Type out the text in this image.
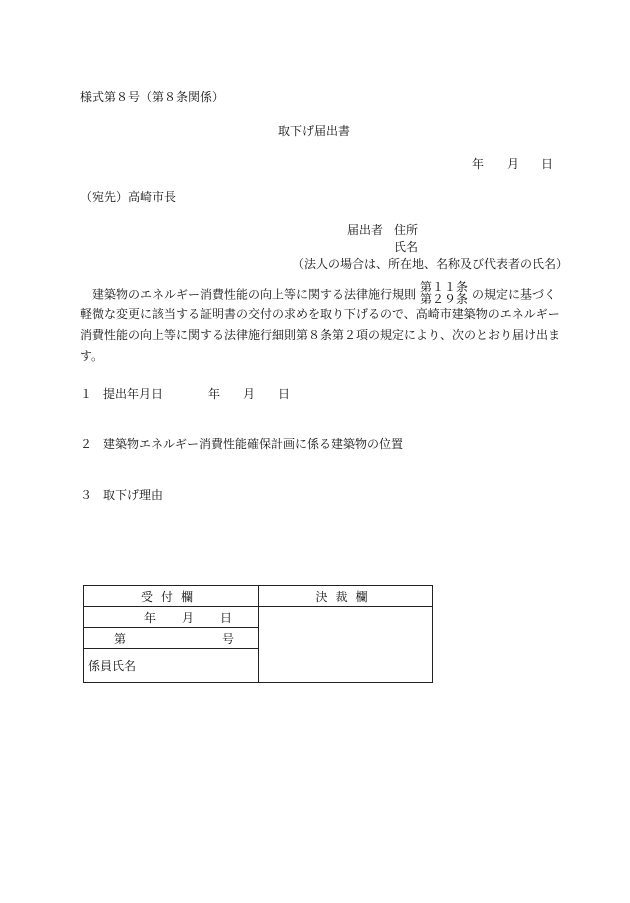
様式第８号（第８条関係）
取下げ届出書
年 月 日
（宛先）高崎市長
届出者 住所
氏名
（法人の場合は、所在地、名称及び代表者の氏名）
建築物のエネルギー消費性能の向上等に関する法律施行規則
第１１条
第２９条 の規定に基づく
軽微な変更に該当する証明書の交付の求めを取り下げるので、高崎市建築物のエネルギー
消費性能の向上等に関する法律施行細則第８条第２項の規定により、次のとおり届け出ま
す。
１ 提出年月日	年 月 日
２ 建築物エネルギー消費性能確保計画に係る建築物の位置
３ 取下げ理由
受付欄	決裁欄
年 月 日	
第 号	
係員氏名	
